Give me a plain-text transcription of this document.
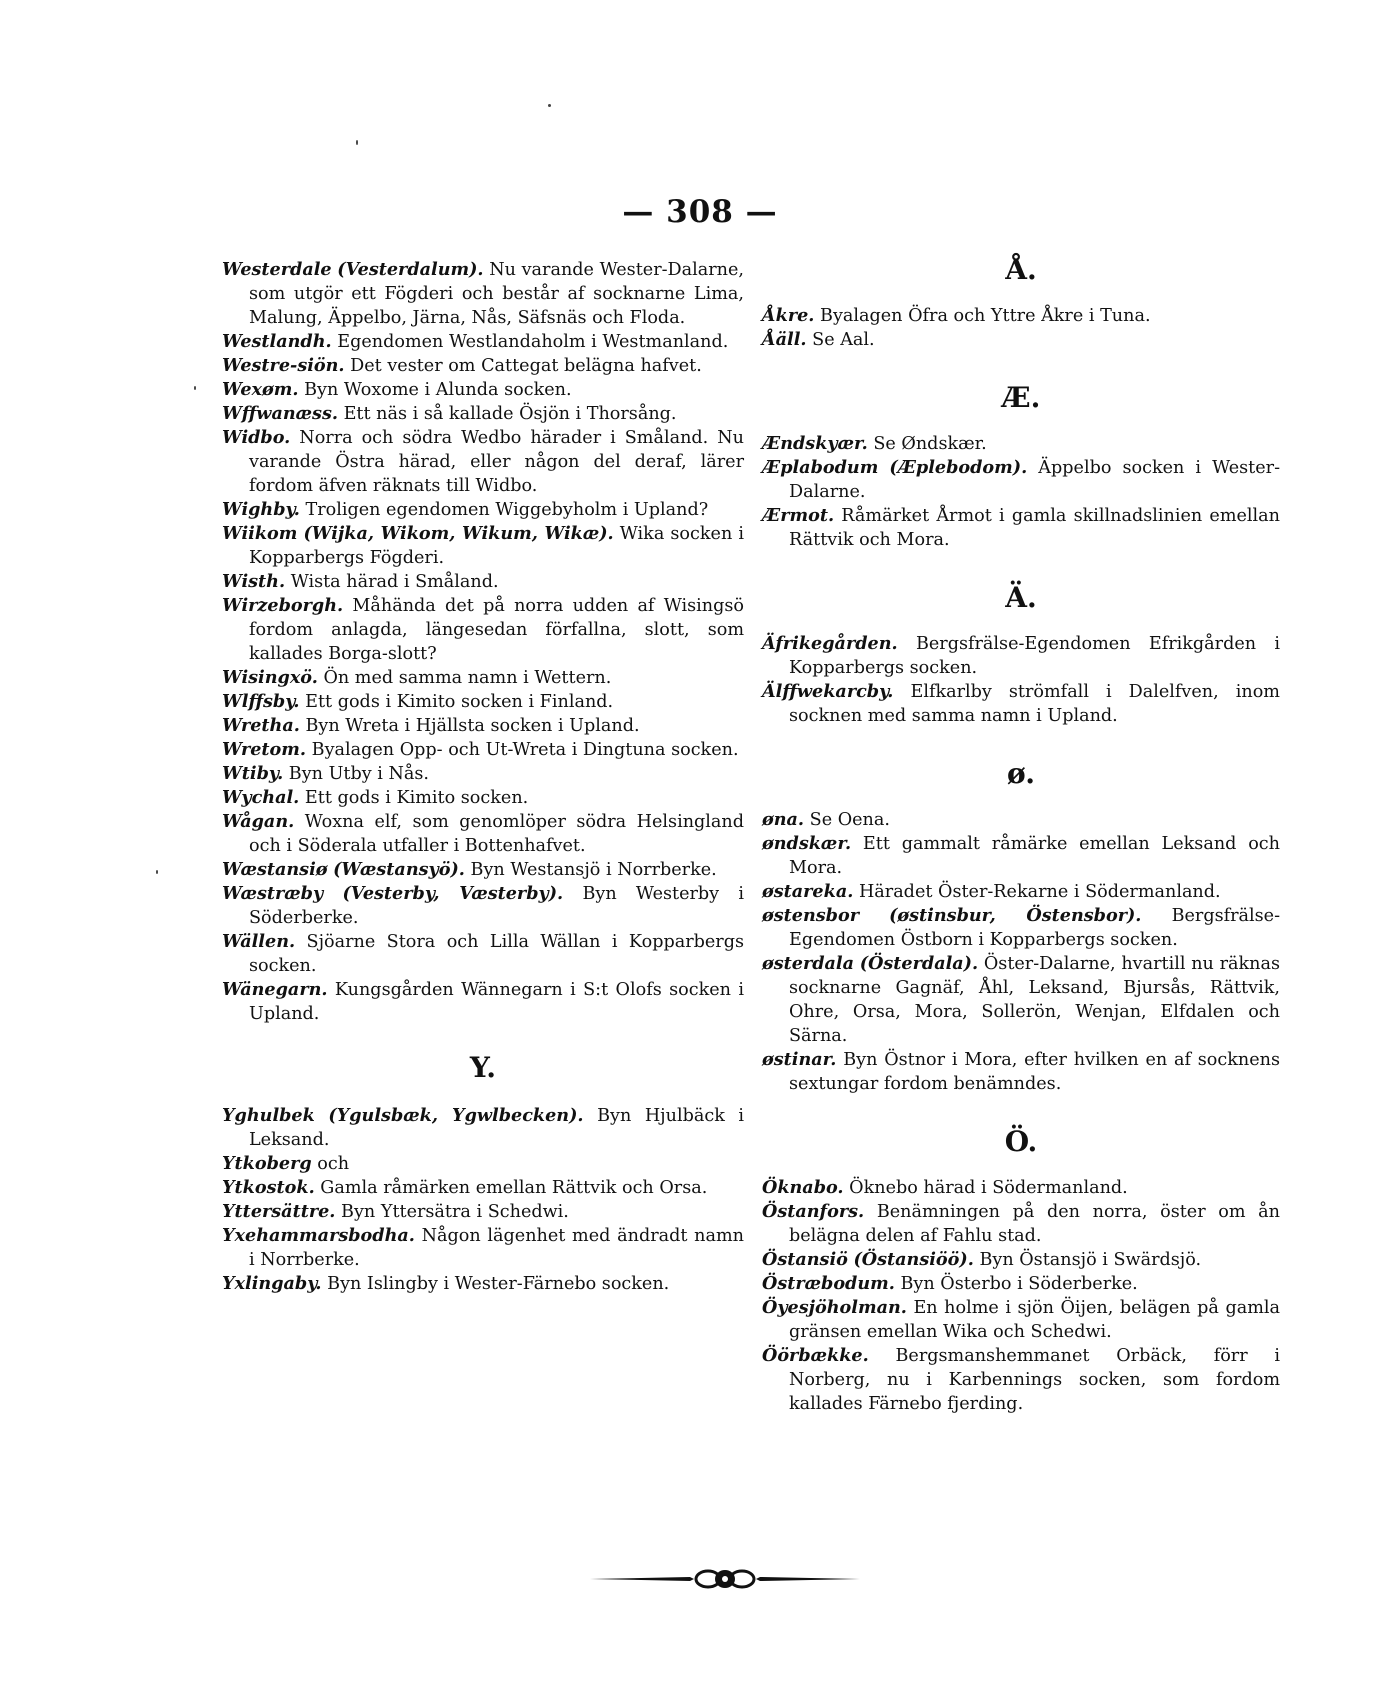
— 308 —

Westerdale (Vesterdalum). Nu varande Wester-Dalarne, som utgör ett Fögderi och består af socknarne Lima, Malung, Äppelbo, Järna, Nås, Säfsnäs och Floda.

Westlandh. Egendomen Westlandaholm i Westmanland.

Westre-siön. Det vester om Cattegat belägna hafvet.

Wexøm. Byn Woxome i Alunda socken.

Wffwanæss. Ett näs i så kallade Ösjön i Thorsång.

Widbo. Norra och södra Wedbo härader i Småland. Nu varande Östra härad, eller någon del deraf, lärer fordom äfven räknats till Widbo.

Wighby. Troligen egendomen Wiggebyholm i Upland?

Wiikom (Wijka, Wikom, Wikum, Wikæ). Wika socken i Kopparbergs Fögderi.

Wisth. Wista härad i Småland.

Wirzeborgh. Måhända det på norra udden af Wisingsö fordom anlagda, längesedan förfallna, slott, som kallades Borga-slott?

Wisingxö. Ön med samma namn i Wettern.

Wlffsby. Ett gods i Kimito socken i Finland.

Wretha. Byn Wreta i Hjällsta socken i Upland.

Wretom. Byalagen Opp- och Ut-Wreta i Dingtuna socken.

Wtiby. Byn Utby i Nås.

Wychal. Ett gods i Kimito socken.

Wågan. Woxna elf, som genomlöper södra Helsingland och i Söderala utfaller i Bottenhafvet.

Wæstansiø (Wæstansyö). Byn Westansjö i Norrberke.

Wæstræby (Vesterby, Væsterby). Byn Westerby i Söderberke.

Wällen. Sjöarne Stora och Lilla Wällan i Kopparbergs socken.

Wänegarn. Kungsgården Wännegarn i S:t Olofs socken i Upland.

Y.

Yghulbek (Ygulsbæk, Ygwlbecken). Byn Hjulbäck i Leksand.

Ytkoberg och

Ytkostok. Gamla råmärken emellan Rättvik och Orsa.

Yttersättre. Byn Yttersätra i Schedwi.

Yxehammarsbodha. Någon lägenhet med ändradt namn i Norrberke.

Yxlingaby. Byn Islingby i Wester-Färnebo socken.

Å.

Åkre. Byalagen Öfra och Yttre Åkre i Tuna.

Åäll. Se Aal.

Æ.

Ændskyær. Se Øndskær.

Æplabodum (Æplebodom). Äppelbo socken i Wester-Dalarne.

Ærmot. Råmärket Årmot i gamla skillnadslinien emellan Rättvik och Mora.

Ä.

Äfrikegården. Bergsfrälse-Egendomen Efrikgården i Kopparbergs socken.

Älffwekarcby. Elfkarlby strömfall i Dalelfven, inom socknen med samma namn i Upland.

ø.

øna. Se Oena.

øndskær. Ett gammalt råmärke emellan Leksand och Mora.

østareka. Häradet Öster-Rekarne i Södermanland.

østensbor (østinsbur, Östensbor). Bergsfrälse-Egendomen Östborn i Kopparbergs socken.

østerdala (Österdala). Öster-Dalarne, hvartill nu räknas socknarne Gagnäf, Åhl, Leksand, Bjursås, Rättvik, Ohre, Orsa, Mora, Sollerön, Wenjan, Elfdalen och Särna.

østinar. Byn Östnor i Mora, efter hvilken en af socknens sextungar fordom benämndes.

Ö.

Öknabo. Öknebo härad i Södermanland.

Östanfors. Benämningen på den norra, öster om ån belägna delen af Fahlu stad.

Östansiö (Östansiöö). Byn Östansjö i Swärdsjö.

Östræbodum. Byn Österbo i Söderberke.

Öyesjöholman. En holme i sjön Öijen, belägen på gamla gränsen emellan Wika och Schedwi.

Öörbække. Bergsmanshemmanet Orbäck, förr i Norberg, nu i Karbennings socken, som fordom kallades Färnebo fjerding.
